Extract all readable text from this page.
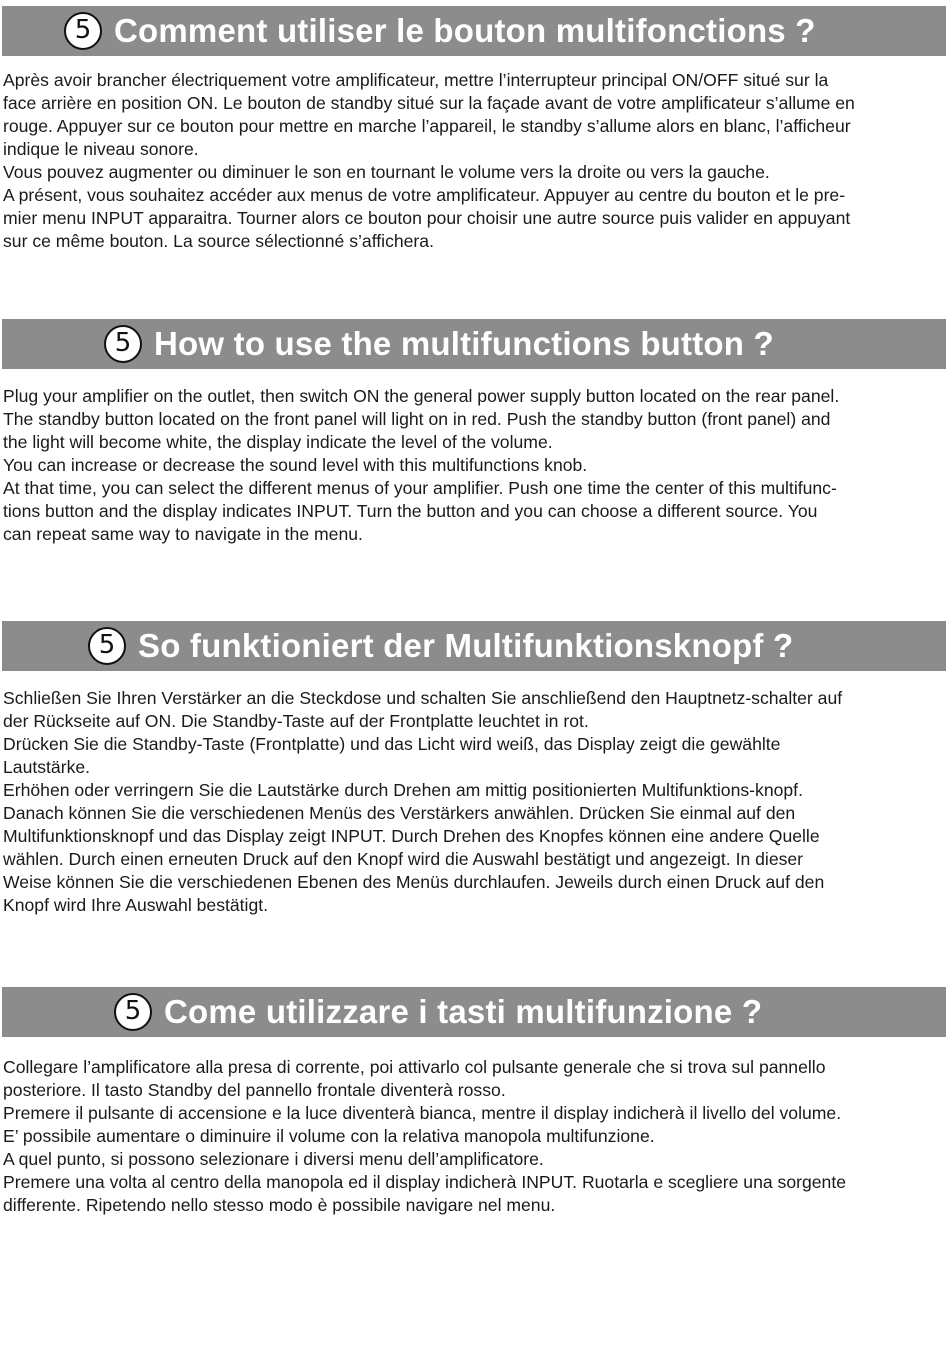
5 Comment utiliser le bouton multifonctions ?

Après avoir brancher électriquement votre amplificateur, mettre l’interrupteur principal ON/OFF situé sur la

face arrière en position ON. Le bouton de standby situé sur la façade avant de votre amplificateur s’allume en

rouge. Appuyer sur ce bouton pour mettre en marche l’appareil, le standby s’allume alors en blanc, l’afficheur

indique le niveau sonore.

Vous pouvez augmenter ou diminuer le son en tournant le volume vers la droite ou vers la gauche.

A présent, vous souhaitez accéder aux menus de votre amplificateur. Appuyer au centre du bouton et le pre-

mier menu INPUT apparaitra. Tourner alors ce bouton pour choisir une autre source puis valider en appuyant

sur ce même bouton. La source sélectionné s’affichera.

5 How to use the multifunctions button ?

Plug your amplifier on the outlet, then switch ON the general power supply button located on the rear panel.

The standby button located on the front panel will light on in red. Push the standby button (front panel) and

the light will become white, the display indicate the level of the volume.

You can increase or decrease the sound level with this multifunctions knob.

At that time, you can select the different menus of your amplifier. Push one time the center of this multifunc-

tions button and the display indicates INPUT. Turn the button and you can choose a different source. You

can repeat same way to navigate in the menu.

5 So funktioniert der Multifunktionsknopf ?

Schließen Sie Ihren Verstärker an die Steckdose und schalten Sie anschließend den Hauptnetz-schalter auf

der Rückseite auf ON. Die Standby-Taste auf der Frontplatte leuchtet in rot.

Drücken Sie die Standby-Taste (Frontplatte) und das Licht wird weiß, das Display zeigt die gewählte

Lautstärke.

Erhöhen oder verringern Sie die Lautstärke durch Drehen am mittig positionierten Multifunktions-knopf.

Danach können Sie die verschiedenen Menüs des Verstärkers anwählen. Drücken Sie einmal auf den

Multifunktionsknopf und das Display zeigt INPUT. Durch Drehen des Knopfes können eine andere Quelle

wählen. Durch einen erneuten Druck auf den Knopf wird die Auswahl bestätigt und angezeigt. In dieser

Weise können Sie die verschiedenen Ebenen des Menüs durchlaufen. Jeweils durch einen Druck auf den

Knopf wird Ihre Auswahl bestätigt.

5 Come utilizzare i tasti multifunzione ?

Collegare l’amplificatore alla presa di corrente, poi attivarlo col pulsante generale che si trova sul pannello

posteriore. Il tasto Standby del pannello frontale diventerà rosso.

Premere il pulsante di accensione e la luce diventerà bianca, mentre il display indicherà il livello del volume.

E’ possibile aumentare o diminuire il volume con la relativa manopola multifunzione.

A quel punto, si possono selezionare i diversi menu dell’amplificatore.

Premere una volta al centro della manopola ed il display indicherà INPUT. Ruotarla e scegliere una sorgente

differente. Ripetendo nello stesso modo è possibile navigare nel menu.
